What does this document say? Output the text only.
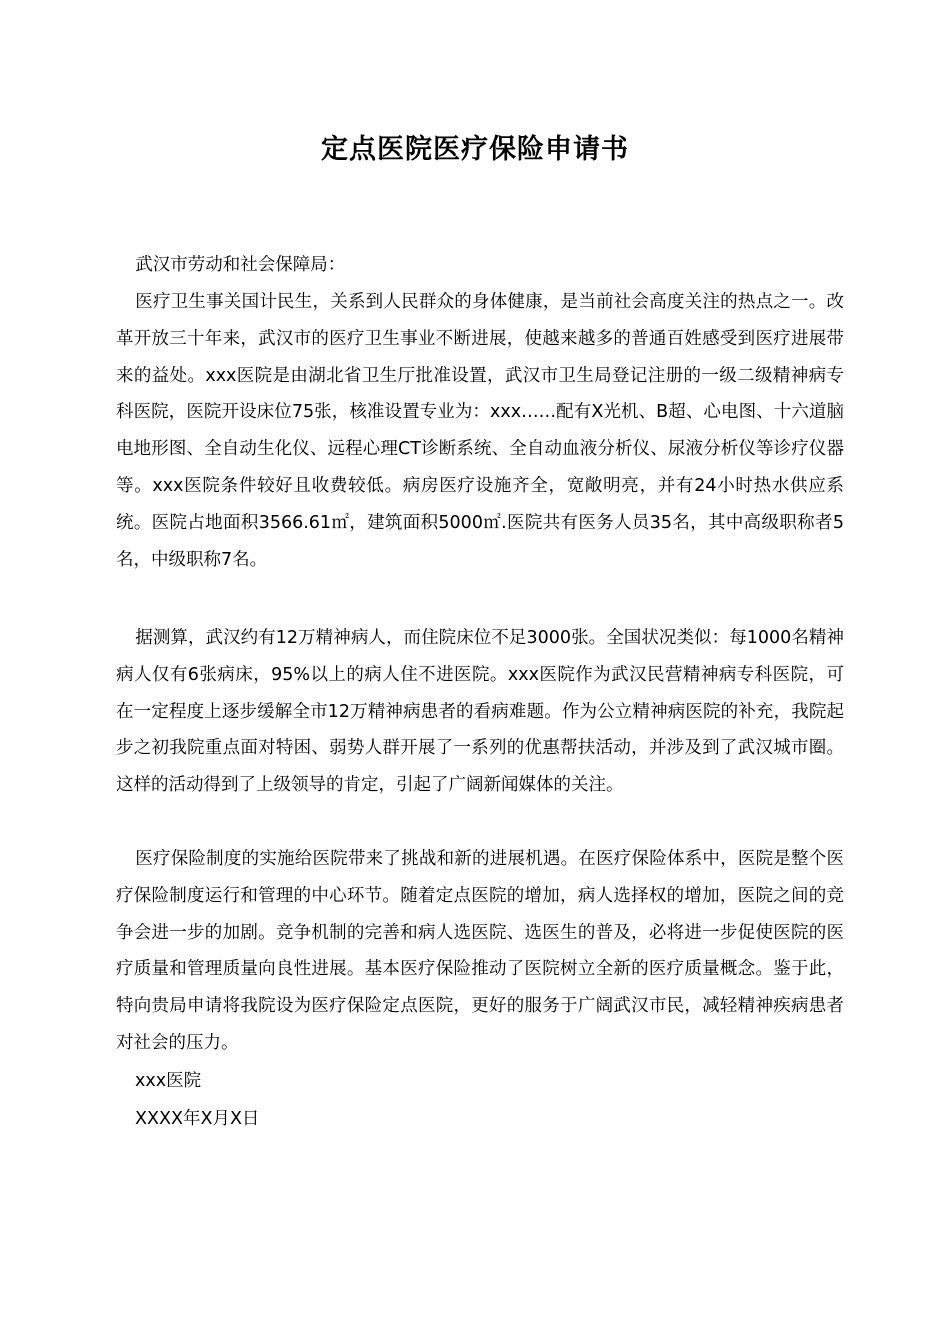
定点医院医疗保险申请书

武汉市劳动和社会保障局：

医疗卫生事关国计民生，关系到人民群众的身体健康，是当前社会高度关注的热点之一。改革开放三十年来，武汉市的医疗卫生事业不断进展，使越来越多的普通百姓感受到医疗进展带来的益处。xxx医院是由湖北省卫生厅批准设置，武汉市卫生局登记注册的一级二级精神病专科医院，医院开设床位75张，核准设置专业为：xxx……配有X光机、B超、心电图、十六道脑电地形图、全自动生化仪、远程心理CT诊断系统、全自动血液分析仪、尿液分析仪等诊疗仪器等。xxx医院条件较好且收费较低。病房医疗设施齐全，宽敞明亮，并有24小时热水供应系统。医院占地面积3566.61㎡，建筑面积5000㎡.医院共有医务人员35名，其中高级职称者5名，中级职称7名。

据测算，武汉约有12万精神病人，而住院床位不足3000张。全国状况类似：每1000名精神病人仅有6张病床，95%以上的病人住不进医院。xxx医院作为武汉民营精神病专科医院，可在一定程度上逐步缓解全市12万精神病患者的看病难题。作为公立精神病医院的补充，我院起步之初我院重点面对特困、弱势人群开展了一系列的优惠帮扶活动，并涉及到了武汉城市圈。这样的活动得到了上级领导的肯定，引起了广阔新闻媒体的关注。

医疗保险制度的实施给医院带来了挑战和新的进展机遇。在医疗保险体系中，医院是整个医疗保险制度运行和管理的中心环节。随着定点医院的增加，病人选择权的增加，医院之间的竞争会进一步的加剧。竞争机制的完善和病人选医院、选医生的普及，必将进一步促使医院的医疗质量和管理质量向良性进展。基本医疗保险推动了医院树立全新的医疗质量概念。鉴于此，特向贵局申请将我院设为医疗保险定点医院，更好的服务于广阔武汉市民，减轻精神疾病患者对社会的压力。

xxx医院
XXXX年X月X日
